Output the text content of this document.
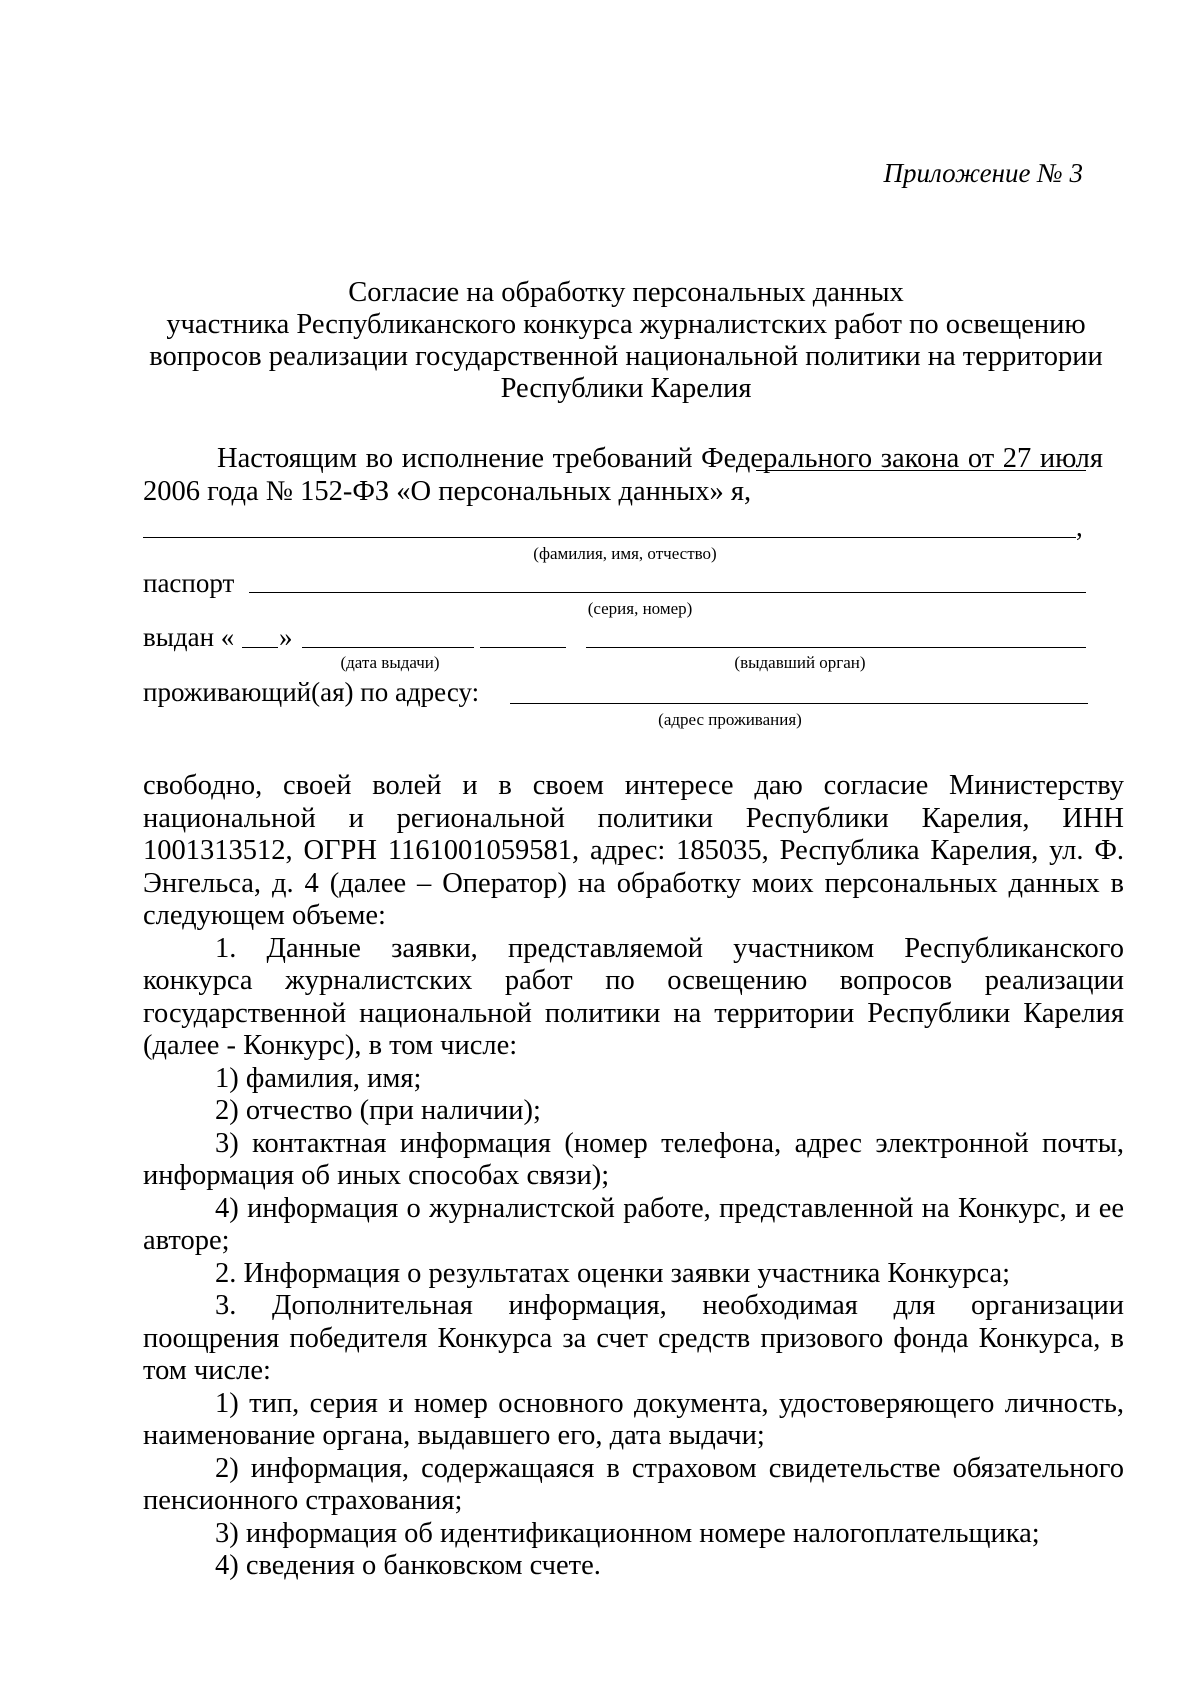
Приложение № 3
Согласие на обработку персональных данных
участника Республиканского конкурса журналистских работ по освещению
вопросов реализации государственной национальной политики на территории
Республики Карелия
Настоящим во исполнение требований Федерального закона от 27 июля 2006 года № 152-ФЗ «О персональных данных» я,
,
(фамилия, имя, отчество)
паспорт
(серия, номер)
выдан « »
(дата выдачи)	(выдавший орган)
проживающий(ая) по адресу:
(адрес проживания)

свободно, своей волей и в своем интересе даю согласие Министерству национальной и региональной политики Республики Карелия, ИНН 1001313512, ОГРН 1161001059581, адрес: 185035, Республика Карелия, ул. Ф. Энгельса, д. 4 (далее – Оператор) на обработку моих персональных данных в следующем объеме:

1. Данные заявки, представляемой участником Республиканского конкурса журналистских работ по освещению вопросов реализации государственной национальной политики на территории Республики Карелия (далее - Конкурс), в том числе:

1) фамилия, имя;

2) отчество (при наличии);

3) контактная информация (номер телефона, адрес электронной почты, информация об иных способах связи);

4) информация о журналистской работе, представленной на Конкурс, и ее авторе;

2. Информация о результатах оценки заявки участника Конкурса;

3. Дополнительная информация, необходимая для организации поощрения победителя Конкурса за счет средств призового фонда Конкурса, в том числе:

1) тип, серия и номер основного документа, удостоверяющего личность, наименование органа, выдавшего его, дата выдачи;

2) информация, содержащаяся в страховом свидетельстве обязательного пенсионного страхования;

3) информация об идентификационном номере налогоплательщика;

4) сведения о банковском счете.
